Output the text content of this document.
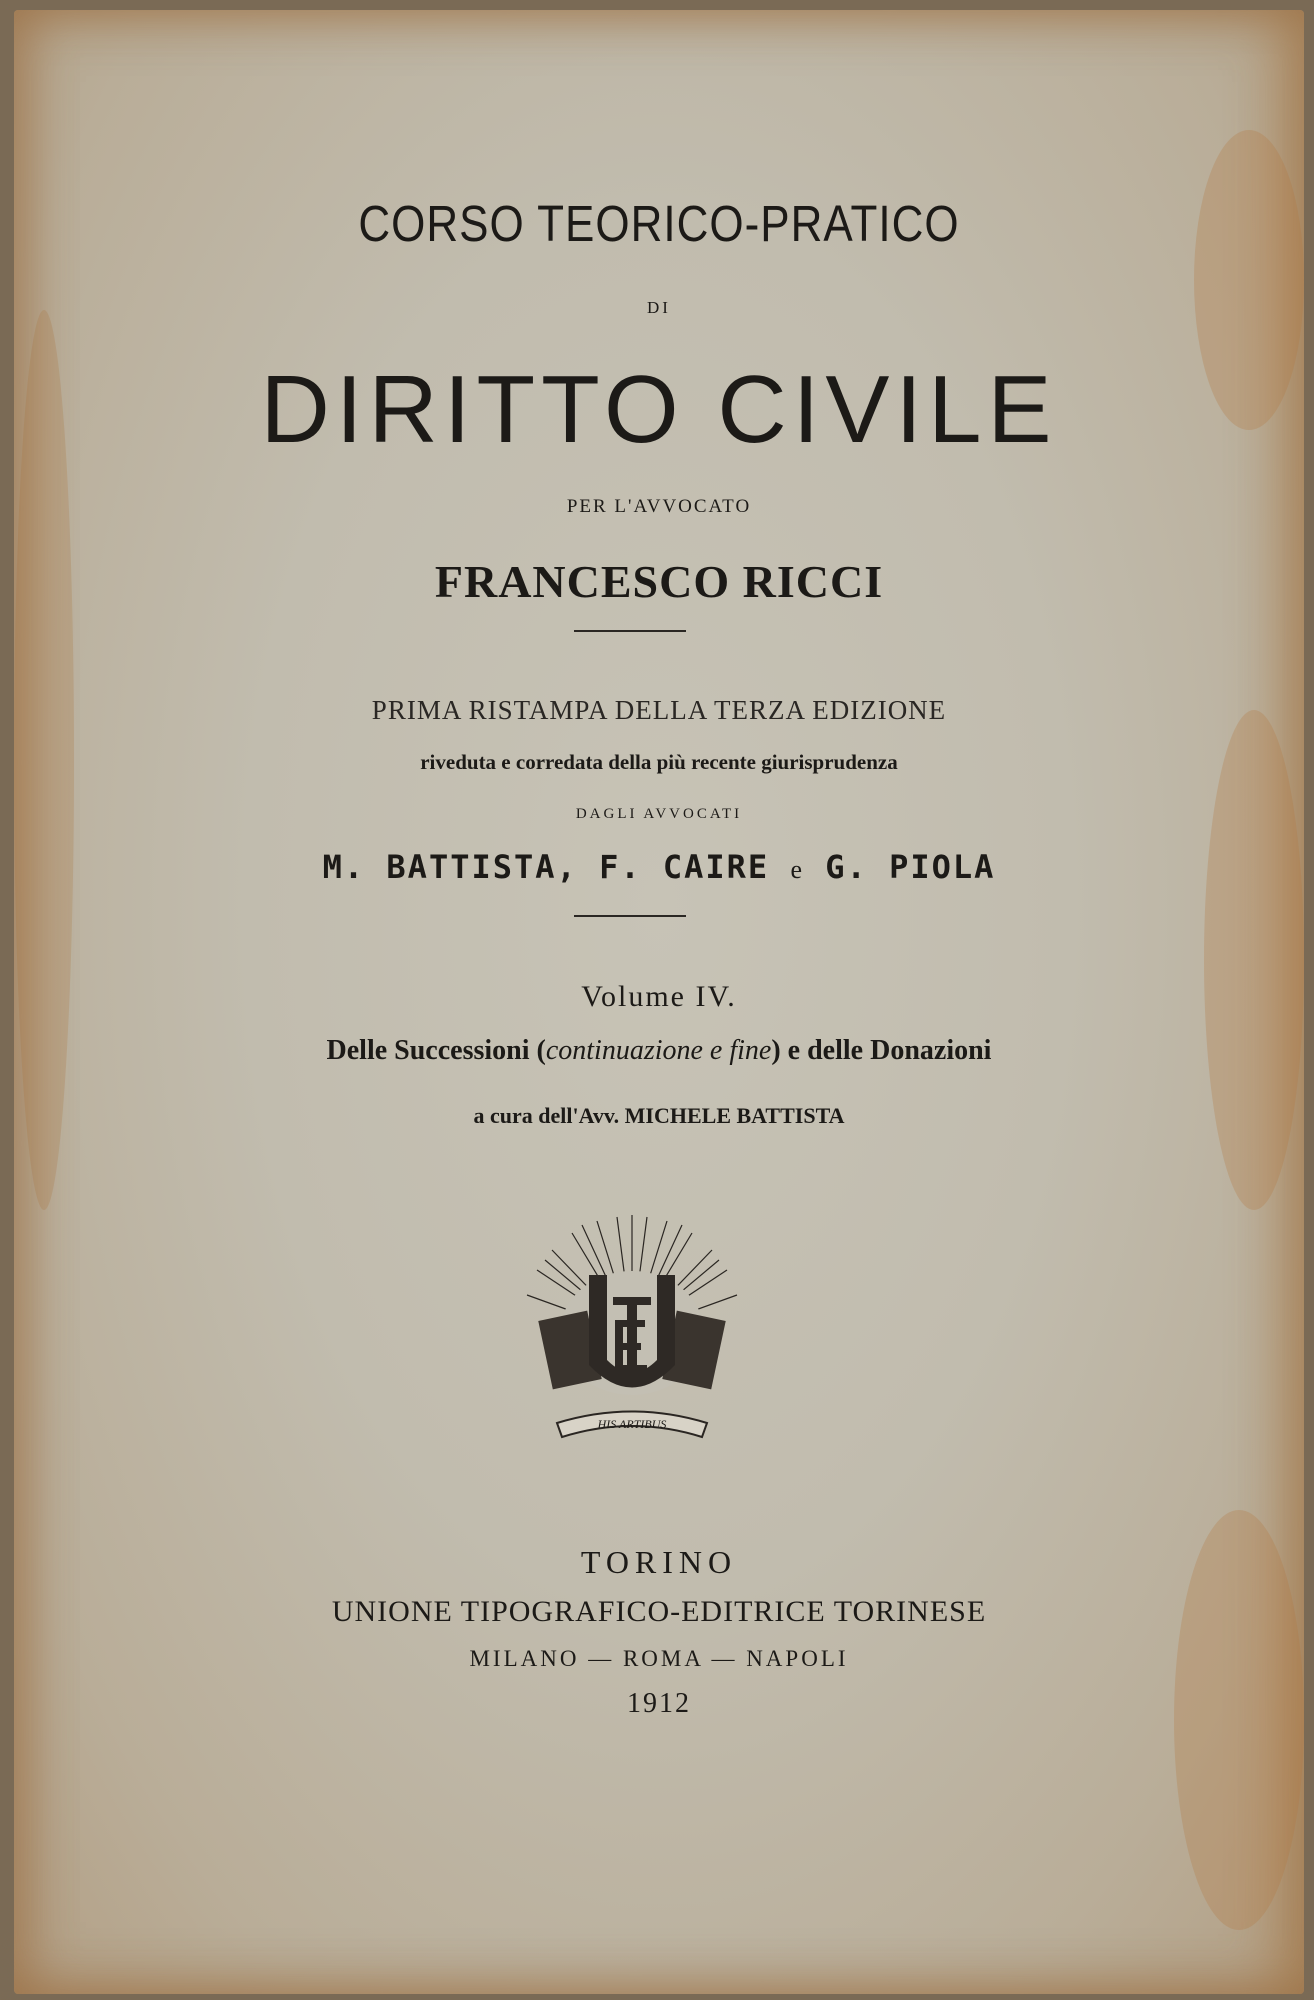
CORSO TEORICO-PRATICO
DI
DIRITTO CIVILE
PER L'AVVOCATO
FRANCESCO RICCI
PRIMA RISTAMPA DELLA TERZA EDIZIONE
riveduta e corredata della più recente giurisprudenza
DAGLI AVVOCATI
M. BATTISTA, F. CAIRE e G. PIOLA
Volume IV.
Delle Successioni (continuazione e fine) e delle Donazioni
a cura dell'Avv. MICHELE BATTISTA
HIS ARTIBUS
TORINO
UNIONE TIPOGRAFICO-EDITRICE TORINESE
MILANO — ROMA — NAPOLI
1912
